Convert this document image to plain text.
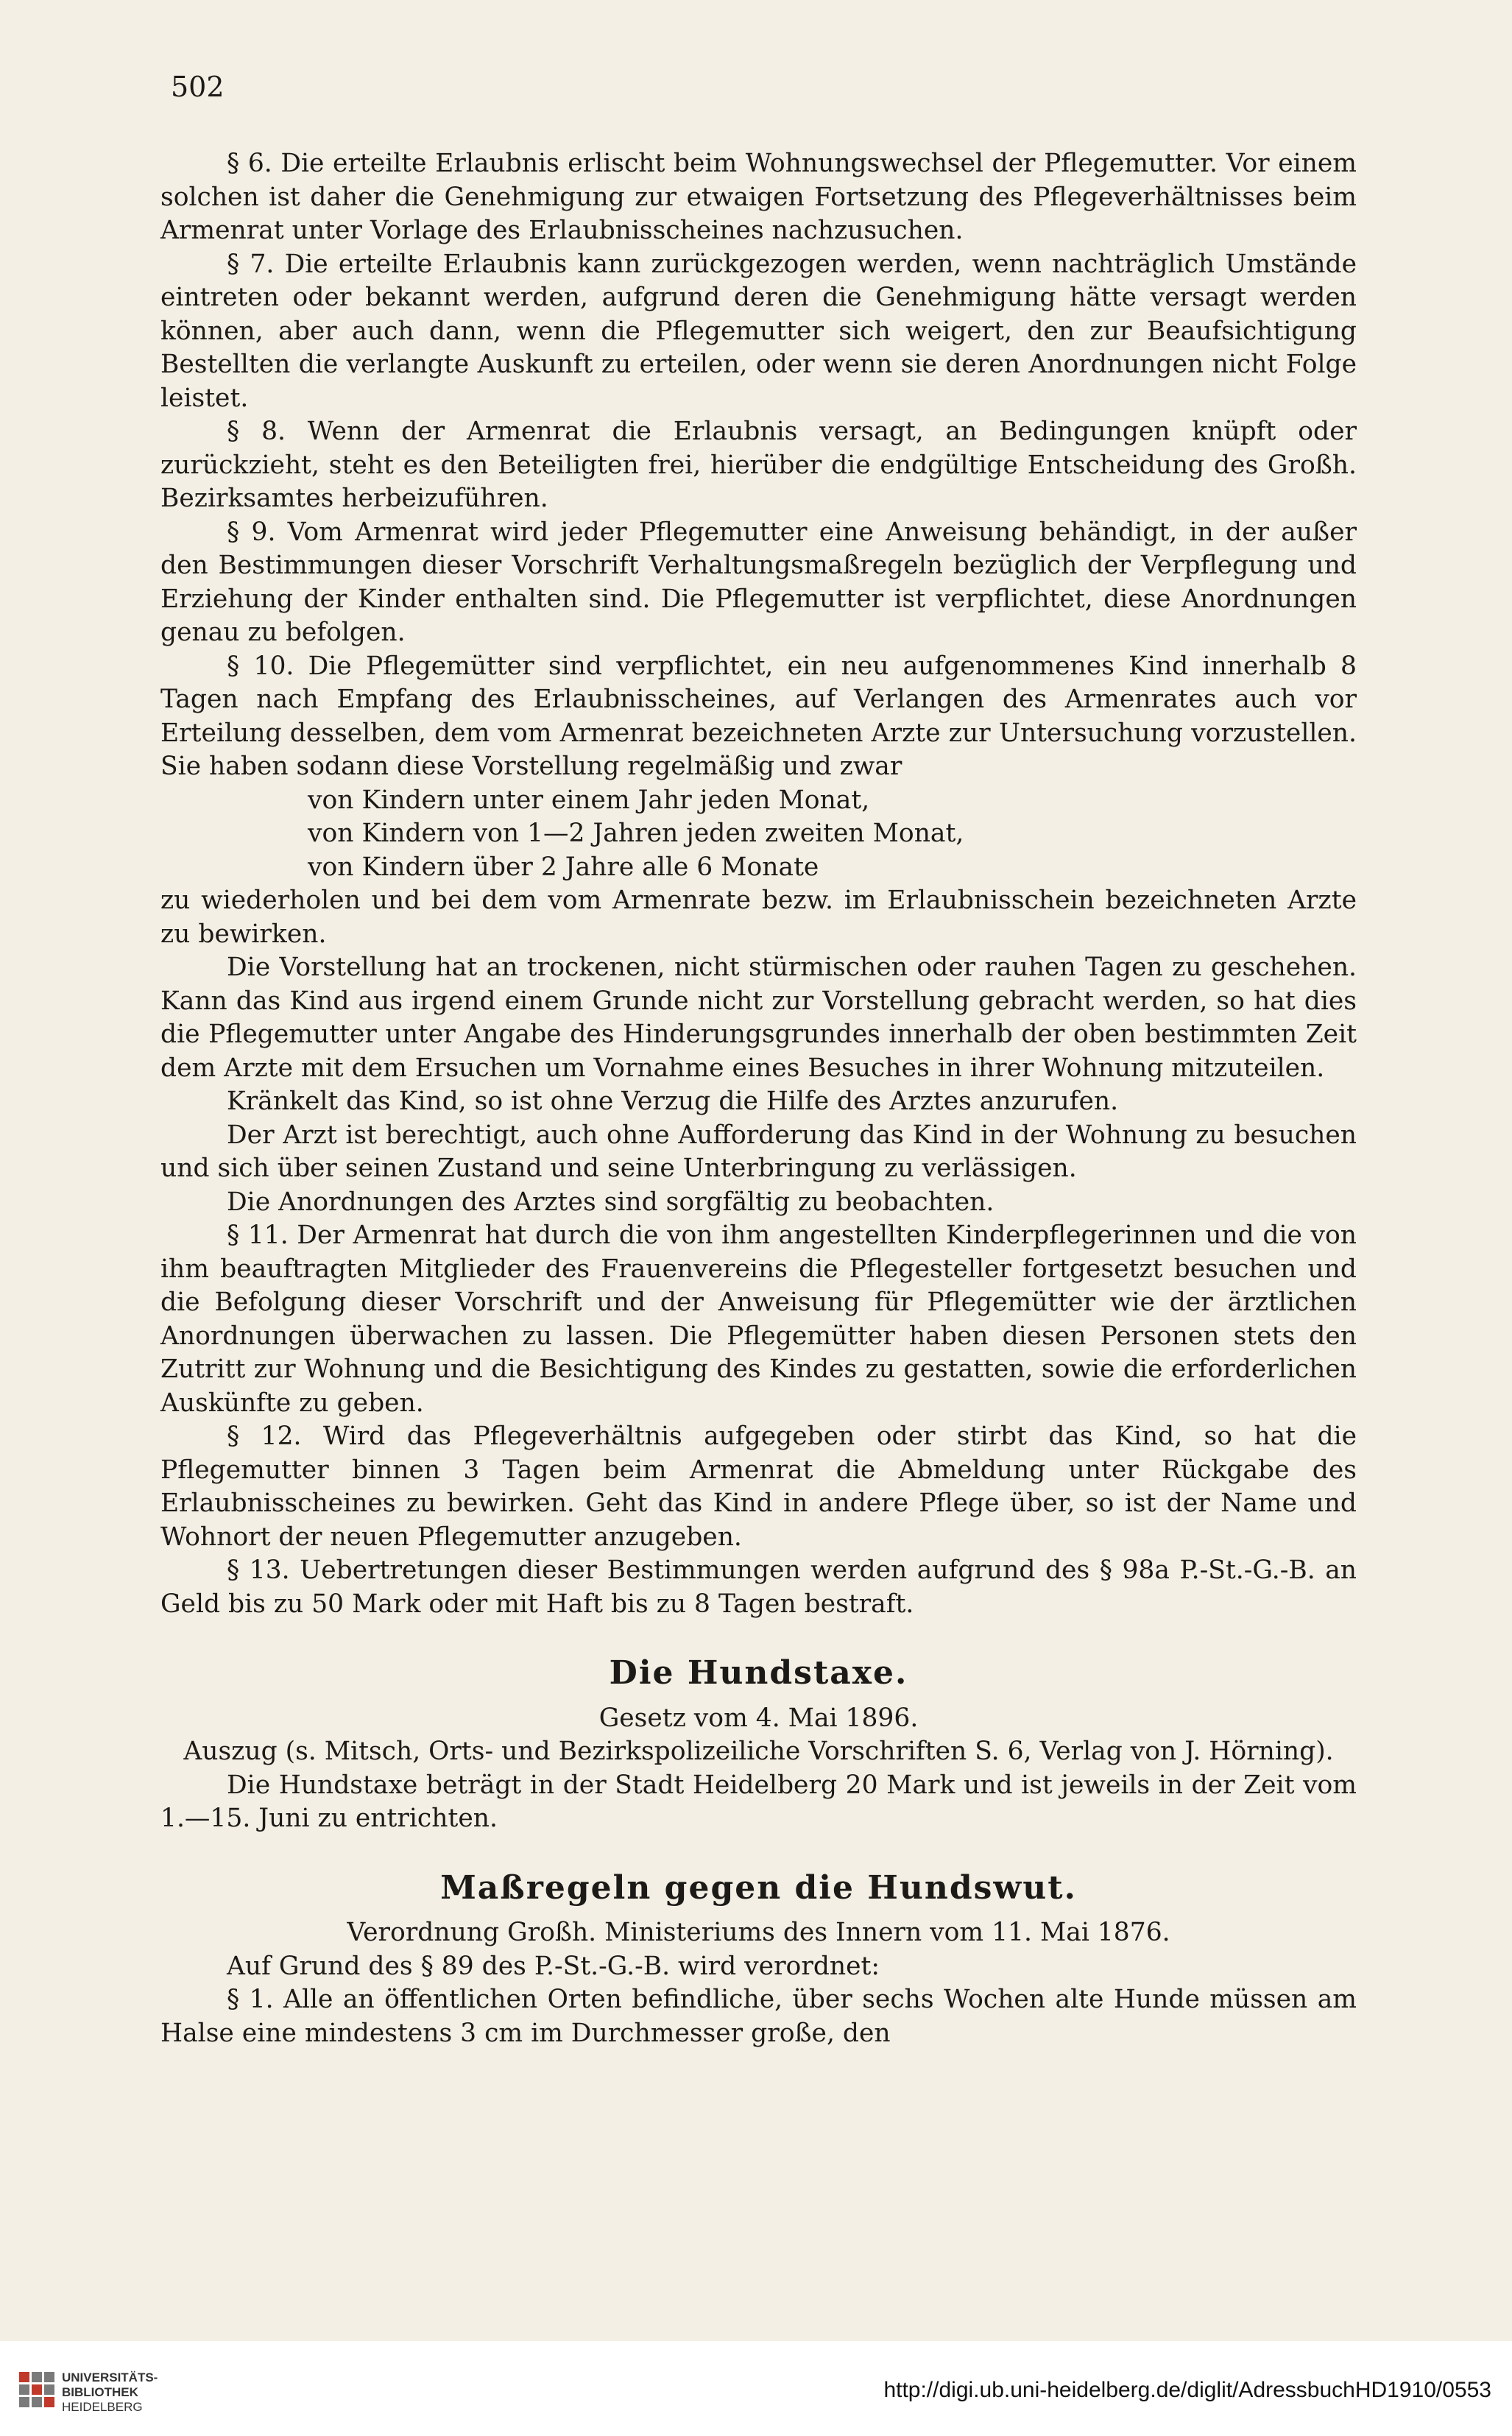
502

§ 6. Die erteilte Erlaubnis erlischt beim Wohnungswechsel der Pflegemutter. Vor einem solchen ist daher die Genehmigung zur etwaigen Fortsetzung des Pflegeverhältnisses beim Armenrat unter Vorlage des Erlaubnisscheines nachzusuchen.

§ 7. Die erteilte Erlaubnis kann zurückgezogen werden, wenn nachträglich Umstände eintreten oder bekannt werden, aufgrund deren die Genehmigung hätte versagt werden können, aber auch dann, wenn die Pflegemutter sich weigert, den zur Beaufsichtigung Bestellten die verlangte Auskunft zu erteilen, oder wenn sie deren Anordnungen nicht Folge leistet.

§ 8. Wenn der Armenrat die Erlaubnis versagt, an Bedingungen knüpft oder zurückzieht, steht es den Beteiligten frei, hierüber die endgültige Entscheidung des Großh. Bezirksamtes herbeizuführen.

§ 9. Vom Armenrat wird jeder Pflegemutter eine Anweisung behändigt, in der außer den Bestimmungen dieser Vorschrift Verhaltungsmaßregeln bezüglich der Verpflegung und Erziehung der Kinder enthalten sind. Die Pflegemutter ist verpflichtet, diese Anordnungen genau zu befolgen.

§ 10. Die Pflegemütter sind verpflichtet, ein neu aufgenommenes Kind innerhalb 8 Tagen nach Empfang des Erlaubnisscheines, auf Verlangen des Armenrates auch vor Erteilung desselben, dem vom Armenrat bezeichneten Arzte zur Untersuchung vorzustellen. Sie haben sodann diese Vorstellung regelmäßig und zwar

von Kindern unter einem Jahr jeden Monat,
von Kindern von 1—2 Jahren jeden zweiten Monat,
von Kindern über 2 Jahre alle 6 Monate

zu wiederholen und bei dem vom Armenrate bezw. im Erlaubnisschein bezeichneten Arzte zu bewirken.

Die Vorstellung hat an trockenen, nicht stürmischen oder rauhen Tagen zu geschehen. Kann das Kind aus irgend einem Grunde nicht zur Vorstellung gebracht werden, so hat dies die Pflegemutter unter Angabe des Hinderungsgrundes innerhalb der oben bestimmten Zeit dem Arzte mit dem Ersuchen um Vornahme eines Besuches in ihrer Wohnung mitzuteilen.

Kränkelt das Kind, so ist ohne Verzug die Hilfe des Arztes anzurufen.

Der Arzt ist berechtigt, auch ohne Aufforderung das Kind in der Wohnung zu besuchen und sich über seinen Zustand und seine Unterbringung zu verlässigen.

Die Anordnungen des Arztes sind sorgfältig zu beobachten.

§ 11. Der Armenrat hat durch die von ihm angestellten Kinderpflegerinnen und die von ihm beauftragten Mitglieder des Frauenvereins die Pflegesteller fortgesetzt besuchen und die Befolgung dieser Vorschrift und der Anweisung für Pflegemütter wie der ärztlichen Anordnungen überwachen zu lassen. Die Pflegemütter haben diesen Personen stets den Zutritt zur Wohnung und die Besichtigung des Kindes zu gestatten, sowie die erforderlichen Auskünfte zu geben.

§ 12. Wird das Pflegeverhältnis aufgegeben oder stirbt das Kind, so hat die Pflegemutter binnen 3 Tagen beim Armenrat die Abmeldung unter Rückgabe des Erlaubnisscheines zu bewirken. Geht das Kind in andere Pflege über, so ist der Name und Wohnort der neuen Pflegemutter anzugeben.

§ 13. Uebertretungen dieser Bestimmungen werden aufgrund des § 98a P.-St.-G.-B. an Geld bis zu 50 Mark oder mit Haft bis zu 8 Tagen bestraft.

Die Hundstaxe.

Gesetz vom 4. Mai 1896.

Auszug (s. Mitsch, Orts- und Bezirkspolizeiliche Vorschriften S. 6, Verlag von J. Hörning).

Die Hundstaxe beträgt in der Stadt Heidelberg 20 Mark und ist jeweils in der Zeit vom 1.—15. Juni zu entrichten.

Maßregeln gegen die Hundswut.

Verordnung Großh. Ministeriums des Innern vom 11. Mai 1876.

Auf Grund des § 89 des P.-St.-G.-B. wird verordnet:

§ 1. Alle an öffentlichen Orten befindliche, über sechs Wochen alte Hunde müssen am Halse eine mindestens 3 cm im Durchmesser große, den

UNIVERSITÄTS-
BIBLIOTHEK
HEIDELBERG
http://digi.ub.uni-heidelberg.de/diglit/AdressbuchHD1910/0553
